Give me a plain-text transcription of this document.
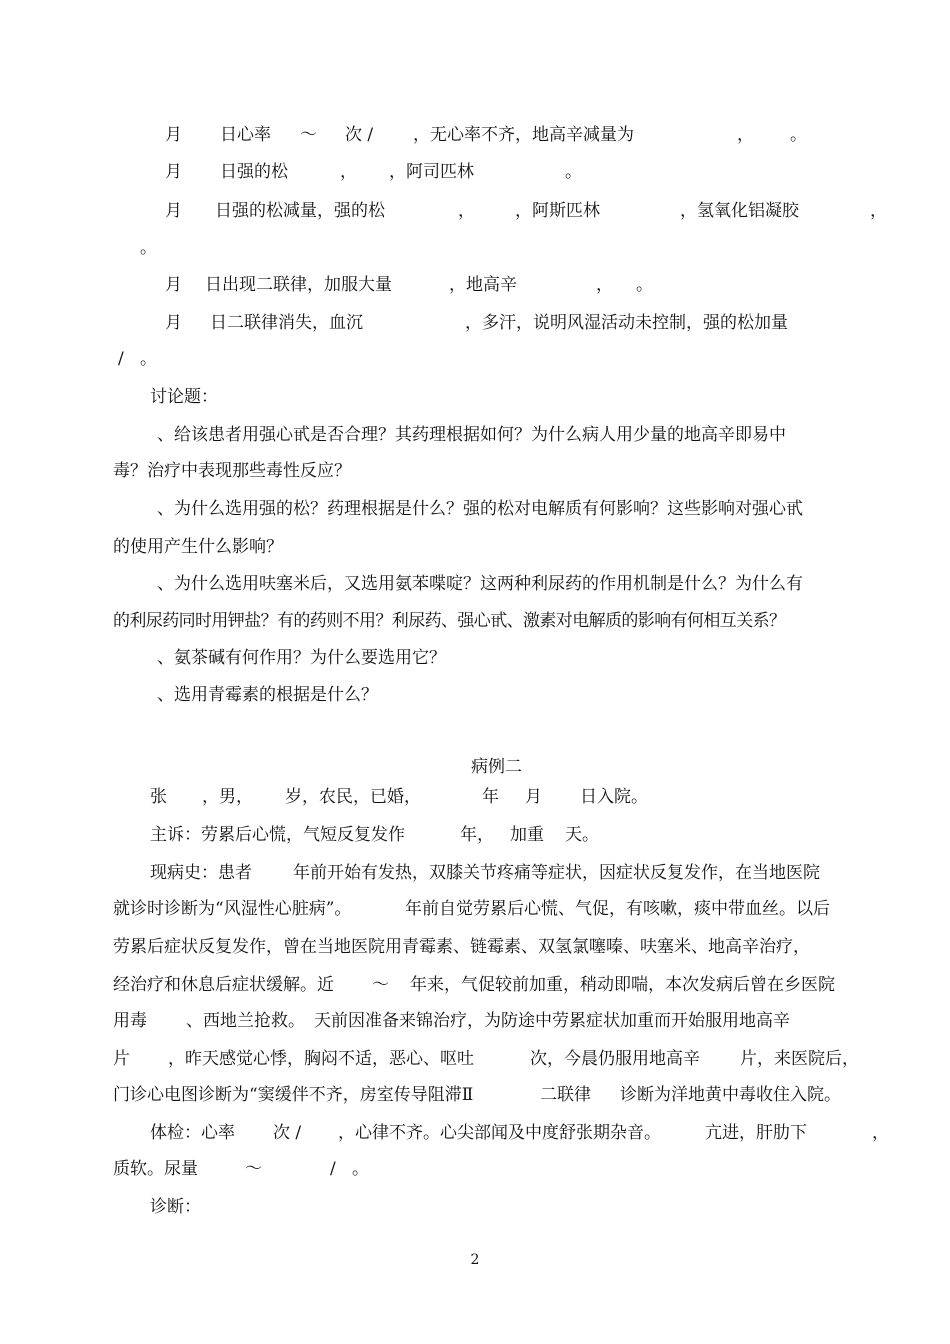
月

日心率

～

次 /

，无心率不齐，地高辛减量为

	，

。

月

日强的松

	，

，阿司匹林

	。

月

日强的松减量，强的松

	，

，阿斯匹林

	，氢氧化铝凝胶

	，

。

月

日出现二联律，加服大量

	，地高辛

	，

。

月

日二联律消失，血沉

	，多汗，说明风湿活动未控制，强的松加量

/

。

讨论题：

、给该患者用强心甙是否合理？其药理根据如何？为什么病人用少量的地高辛即易中

毒？治疗中表现那些毒性反应？

、为什么选用强的松？药理根据是什么？强的松对电解质有何影响？这些影响对强心甙

的使用产生什么影响？

、为什么选用呋塞米后，又选用氨苯喋啶？这两种利尿药的作用机制是什么？为什么有

的利尿药同时用钾盐？有的药则不用？利尿药、强心甙、激素对电解质的影响有何相互关系？

、氨茶碱有何作用？为什么要选用它？

、选用青霉素的根据是什么？

病例二

张

，男，

岁，农民，已婚，

	年

月

日入院。

主诉：劳累后心慌，气短反复发作

	年，

加重

天。

现病史：患者

年前开始有发热，双膝关节疼痛等症状，因症状反复发作，在当地医院

就诊时诊断为“风湿性心脏病”。

	年前自觉劳累后心慌、气促，有咳嗽，痰中带血丝。以后

劳累后症状反复发作，曾在当地医院用青霉素、链霉素、双氢氯噻嗪、呋塞米、地高辛治疗，

经治疗和休息后症状缓解。近

～

年来，气促较前加重，稍动即喘，本次发病后曾在乡医院

用毒

、西地兰抢救。

天前因准备来锦治疗，为防途中劳累症状加重而开始服用地高辛

片

，昨天感觉心悸，胸闷不适，恶心、呕吐

	次，今晨仍服用地高辛

片，来医院后，

门诊心电图诊断为“窦缓伴不齐，房室传导阻滞Ⅱ

	二联律

诊断为洋地黄中毒收住入院。

体检：心率

次 /

，心律不齐。心尖部闻及中度舒张期杂音。

	亢进，肝肋下

	，

质软。尿量

	～

	/

。

诊断：

2
